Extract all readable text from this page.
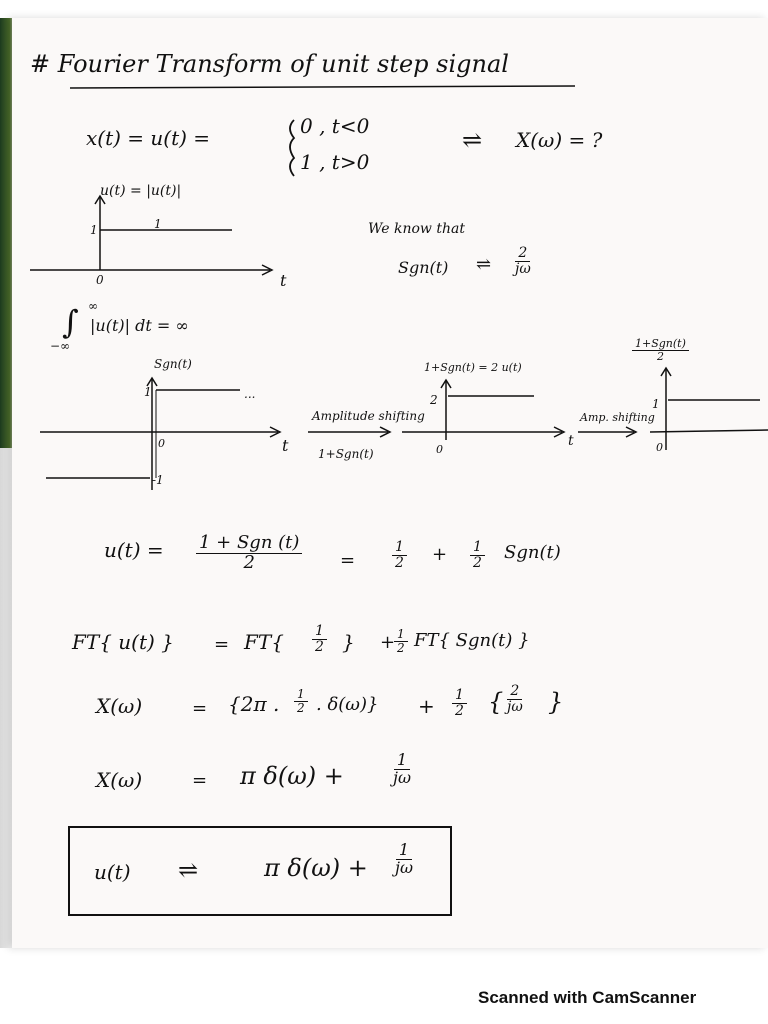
# Fourier Transform of unit step signal
x(t) = u(t) =	0 , t<0
1 , t>0
⇌ X(ω) = ?
u(t) = |u(t)|
1	1
0	t
We know that
Sgn(t) ⇌ $\frac{2}{j\omega}$
∞
∫
−∞
|u(t)| dt = ∞
Sgn(t)
1
-1
0	t
...
Amplitude shifting
1+Sgn(t)
1+Sgn(t) = 2 u(t)
2
0
t
Amp. shifting
1+Sgn(t)
2
1
0
u(t) = 1 + Sgn (t)
2	=	$\frac{1}{2} + \frac{1}{2} Sgn(t)$
FT{ u(t) } = $FT\{ \frac{1}{2}$ } +
$\frac{1}{2} FT${ Sgn(t) }
X(ω)	= {2π . $\frac{1}{2}$ . $\delta(\omega)\} + \frac{1}{2}$ { $\frac{2}{j\omega}$ }
X(ω)	= π δ(ω) +	$\frac{1}{j\omega}$
u(t) ⇌	π $\delta(\omega) + \frac{1}{j\omega}$
Scanned with CamScanner
